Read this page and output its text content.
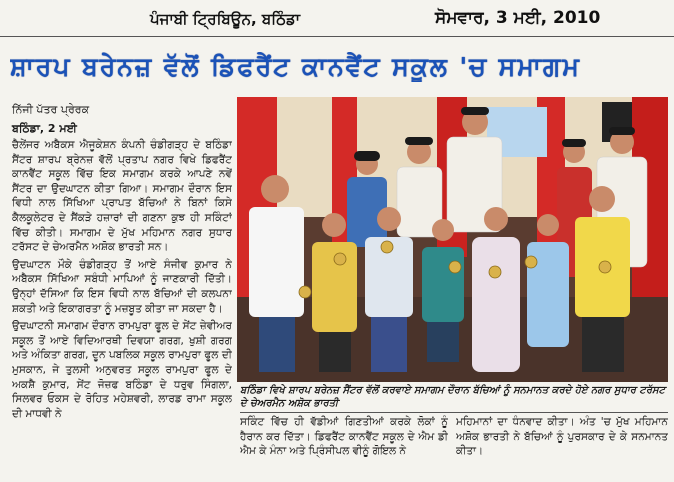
ਪੰਜਾਬੀ ਟ੍ਰਿਬਿਊਨ, ਬਠਿੰਡਾ	ਸੋਮਵਾਰ, 3 ਮਈ, 2010
ਸ਼ਾਰਪ ਬਰੇਨਜ਼ ਵੱਲੋਂ ਡਿਫਰੈਂਟ ਕਾਨਵੈਂਟ ਸਕੂਲ 'ਚ ਸਮਾਗਮ
ਨਿੱਜੀ ਪੱਤਰ ਪ੍ਰੇਰਕ
ਬਠਿੰਡਾ, 2 ਮਈ

ਚੈਲੇਂਜਰ ਅਬੈਕਸ ਐਜੂਕੇਸ਼ਨ ਕੰਪਨੀ ਚੰਡੀਗੜ੍ਹ ਦੇ ਬਠਿੰਡਾ ਸੈਂਟਰ ਸ਼ਾਰਪ ਬ੍ਰੇਨਜ਼ ਵੱਲੋਂ ਪ੍ਰਤਾਪ ਨਗਰ ਵਿਖੇ ਡਿਫਰੈਂਟ ਕਾਨਵੈਂਟ ਸਕੂਲ ਵਿੱਚ ਇਕ ਸਮਾਗਮ ਕਰਕੇ ਆਪਣੇ ਨਵੇਂ ਸੈਂਟਰ ਦਾ ਉਦਘਾਟਨ ਕੀਤਾ ਗਿਆ। ਸਮਾਗਮ ਦੌਰਾਨ ਇਸ ਵਿਧੀ ਨਾਲ ਸਿੱਖਿਆ ਪ੍ਰਾਪਤ ਬੱਚਿਆਂ ਨੇ ਬਿਨਾਂ ਕਿਸੇ ਕੈਲਕੂਲੇਟਰ ਦੇ ਸੈਂਕੜੇ ਹਜ਼ਾਰਾਂ ਦੀ ਗਣਨਾ ਕੁਝ ਹੀ ਸਕਿੰਟਾਂ ਵਿੱਚ ਕੀਤੀ। ਸਮਾਗਮ ਦੇ ਮੁੱਖ ਮਹਿਮਾਨ ਨਗਰ ਸੁਧਾਰ ਟਰੱਸਟ ਦੇ ਚੇਅਰਮੈਨ ਅਸ਼ੋਕ ਭਾਰਤੀ ਸਨ।

ਉਦਘਾਟਨ ਮੌਕੇ ਚੰਡੀਗੜ੍ਹ ਤੋਂ ਆਏ ਸੰਜੀਵ ਕੁਮਾਰ ਨੇ ਅਬੈਕਸ ਸਿੱਖਿਆ ਸਬੰਧੀ ਮਾਪਿਆਂ ਨੂੰ ਜਾਣਕਾਰੀ ਦਿੱਤੀ। ਉਨ੍ਹਾਂ ਦੱਸਿਆ ਕਿ ਇਸ ਵਿਧੀ ਨਾਲ ਬੱਚਿਆਂ ਦੀ ਕਲਪਨਾ ਸ਼ਕਤੀ ਅਤੇ ਇਕਾਗਰਤਾ ਨੂੰ ਮਜ਼ਬੂਤ ਕੀਤਾ ਜਾ ਸਕਦਾ ਹੈ।

ਉਦਘਾਟਨੀ ਸਮਾਗਮ ਦੌਰਾਨ ਰਾਮਪੁਰਾ ਫੂਲ ਦੇ ਸੇਂਟ ਜ਼ੇਵੀਅਰ ਸਕੂਲ ਤੋਂ ਆਏ ਵਿਦਿਆਰਥੀ ਦਿਵਯਾ ਗਰਗ, ਖੁਸ਼ੀ ਗਰਗ ਅਤੇ ਅੰਕਿਤਾ ਗਰਗ, ਦੂਨ ਪਬਲਿਕ ਸਕੂਲ ਰਾਮਪੁਰਾ ਫੂਲ ਦੀ ਮੁਸਕਾਨ, ਜੇ ਤੁਲਸੀ ਅਨੁਵਰਤ ਸਕੂਲ ਰਾਮਪੁਰਾ ਫੂਲ ਦੇ ਅਕਸ਼ੈ ਕੁਮਾਰ, ਸੇਂਟ ਜੋਜ਼ਫ ਬਠਿੰਡਾ ਦੇ ਧਰੁਵ ਸਿੰਗਲਾ, ਸਿਲਵਰ ਓਕਸ ਦੇ ਰੋਹਿਤ ਮਹੇਸ਼ਵਰੀ, ਲਾਰਡ ਰਾਮਾ ਸਕੂਲ ਦੀ ਮਾਧਵੀ ਨੇ

ਬਠਿੰਡਾ ਵਿਖੇ ਸ਼ਾਰਪ ਬਰੇਨਜ਼ ਸੈਂਟਰ ਵੱਲੋਂ ਕਰਵਾਏ ਸਮਾਗਮ ਦੌਰਾਨ ਬੱਚਿਆਂ ਨੂੰ ਸਨਮਾਨਤ ਕਰਦੇ ਹੋਏ ਨਗਰ ਸੁਧਾਰ ਟਰੱਸਟ ਦੇ ਚੇਅਰਮੈਨ ਅਸ਼ੋਕ ਭਾਰਤੀ
ਸਕਿੰਟ ਵਿੱਚ ਹੀ ਵੱਡੀਆਂ ਗਿਣਤੀਆਂ ਕਰਕੇ ਲੋਕਾਂ ਨੂੰ ਹੈਰਾਨ ਕਰ ਦਿੱਤਾ। ਡਿਫਰੈਂਟ ਕਾਨਵੈਂਟ ਸਕੂਲ ਦੇ ਐਮ ਡੀ ਐਮ ਕੇ ਮੰਨਾ ਅਤੇ ਪ੍ਰਿੰਸੀਪਲ ਵੀਨੂੰ ਗੋਇਲ ਨੇ
ਮਹਿਮਾਨਾਂ ਦਾ ਧੰਨਵਾਦ ਕੀਤਾ। ਅੰਤ 'ਚ ਮੁੱਖ ਮਹਿਮਾਨ ਅਸ਼ੋਕ ਭਾਰਤੀ ਨੇ ਬੱਚਿਆਂ ਨੂੰ ਪੁਰਸਕਾਰ ਦੇ ਕੇ ਸਨਮਾਨਤ ਕੀਤਾ।
